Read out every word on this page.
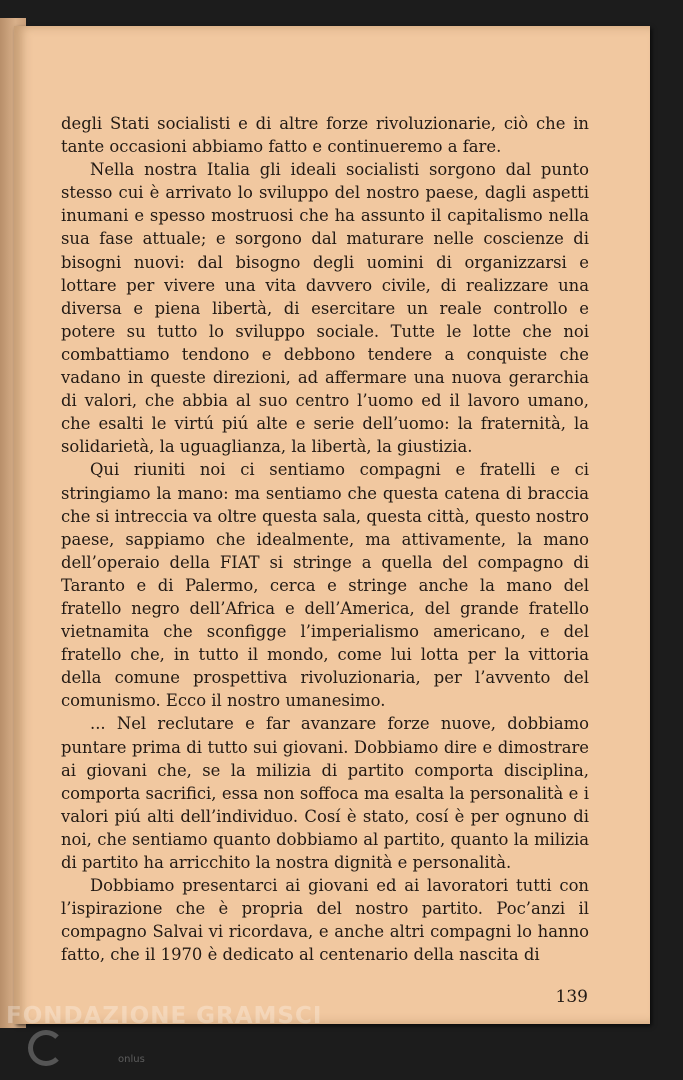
degli Stati socialisti e di altre forze rivoluzionarie, ciò che in tante occasioni abbiamo fatto e continueremo a fare.

Nella nostra Italia gli ideali socialisti sorgono dal punto stesso cui è arrivato lo sviluppo del nostro paese, dagli aspetti inumani e spesso mostruosi che ha assunto il capitalismo nella sua fase attuale; e sorgono dal maturare nelle coscienze di bisogni nuovi: dal bisogno degli uomini di organizzarsi e lottare per vivere una vita davvero civile, di realizzare una diversa e piena libertà, di esercitare un reale controllo e potere su tutto lo sviluppo sociale. Tutte le lotte che noi combattiamo tendono e debbono tendere a conquiste che vadano in queste direzioni, ad affermare una nuova gerarchia di valori, che abbia al suo centro l’uomo ed il lavoro umano, che esalti le virtú piú alte e serie dell’uomo: la fraternità, la solidarietà, la uguaglianza, la libertà, la giustizia.

Qui riuniti noi ci sentiamo compagni e fratelli e ci stringiamo la mano: ma sentiamo che questa catena di braccia che si intreccia va oltre questa sala, questa città, questo nostro paese, sappiamo che idealmente, ma attivamente, la mano dell’operaio della FIAT si stringe a quella del compagno di Taranto e di Palermo, cerca e stringe anche la mano del fratello negro dell’Africa e dell’America, del grande fratello vietnamita che sconfigge l’imperialismo americano, e del fratello che, in tutto il mondo, come lui lotta per la vittoria della comune prospettiva rivoluzionaria, per l’avvento del comunismo. Ecco il nostro umanesimo.

... Nel reclutare e far avanzare forze nuove, dobbiamo puntare prima di tutto sui giovani. Dobbiamo dire e dimostrare ai giovani che, se la milizia di partito comporta disciplina, comporta sacrifici, essa non soffoca ma esalta la personalità e i valori piú alti dell’individuo. Cosí è stato, cosí è per ognuno di noi, che sentiamo quanto dobbiamo al partito, quanto la milizia di partito ha arricchito la nostra dignità e personalità.

Dobbiamo presentarci ai giovani ed ai lavoratori tutti con l’ispirazione che è propria del nostro partito. Poc’anzi il compagno Salvai vi ricordava, e anche altri compagni lo hanno fatto, che il 1970 è dedicato al centenario della nascita di

139
FONDAZIONE GRAMSCI
onlus
